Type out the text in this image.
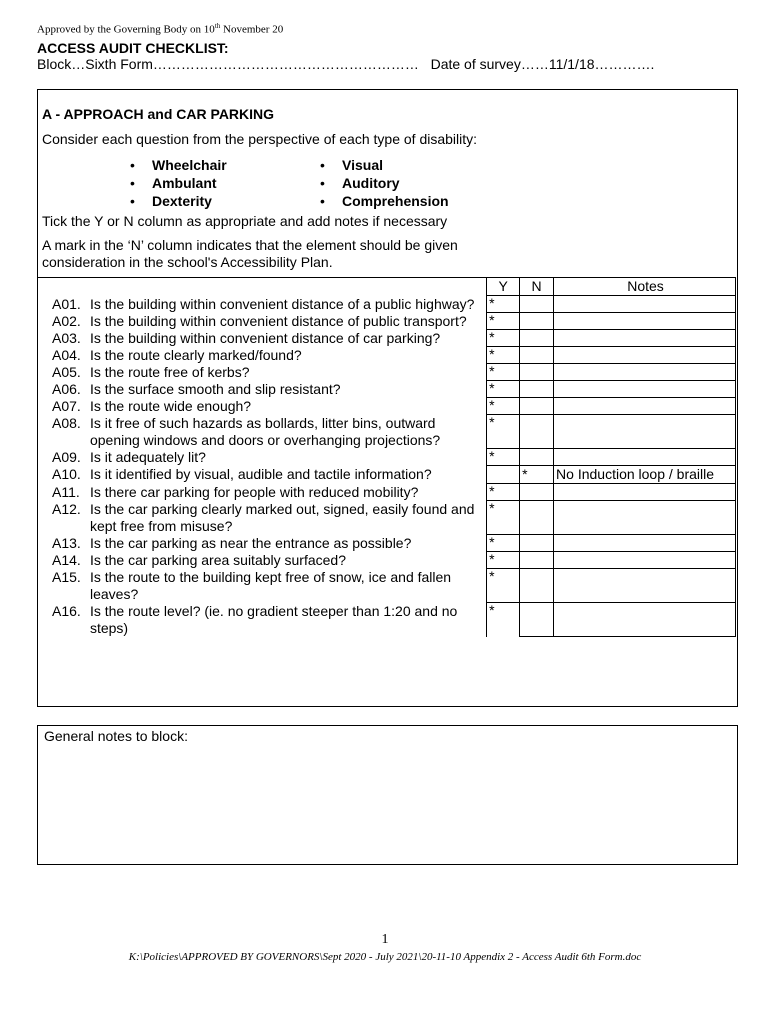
Approved by the Governing Body on 10th November 20
ACCESS AUDIT CHECKLIST:
Block…Sixth Form…………………………………………………   Date of survey……11/1/18………….
A - APPROACH and CAR PARKING
Consider each question from the perspective of each type of disability:
• Wheelchair
• Ambulant
• Dexterity
• Visual
• Auditory
• Comprehension
Tick the Y or N column as appropriate and add notes if necessary
A mark in the ‘N’ column indicates that the element should be given consideration in the school's Accessibility Plan.
		Y	N	Notes
A01.	Is the building within convenient distance of a public highway?	*		
A02.	Is the building within convenient distance of public transport?	*		
A03.	Is the building within convenient distance of car parking?	*		
A04.	Is the route clearly marked/found?	*		
A05.	Is the route free of kerbs?	*		
A06.	Is the surface smooth and slip resistant?	*		
A07.	Is the route wide enough?	*		
A08.	Is it free of such hazards as bollards, litter bins, outward opening windows and doors or overhanging projections?	*		
A09.	Is it adequately lit?	*		
A10.	Is it identified by visual, audible and tactile information?		*	No Induction loop / braille
A11.	Is there car parking for people with reduced mobility?	*		
A12.	Is the car parking clearly marked out, signed, easily found and kept free from misuse?	*		
A13.	Is the car parking as near the entrance as possible?	*		
A14.	Is the car parking area suitably surfaced?	*		
A15.	Is the route to the building kept free of snow, ice and fallen leaves?	*		
A16.	Is the route level? (ie. no gradient steeper than 1:20 and no steps)	*		
General notes to block:
1
K:\Policies\APPROVED BY GOVERNORS\Sept 2020 - July 2021\20-11-10 Appendix 2 - Access Audit 6th Form.doc
